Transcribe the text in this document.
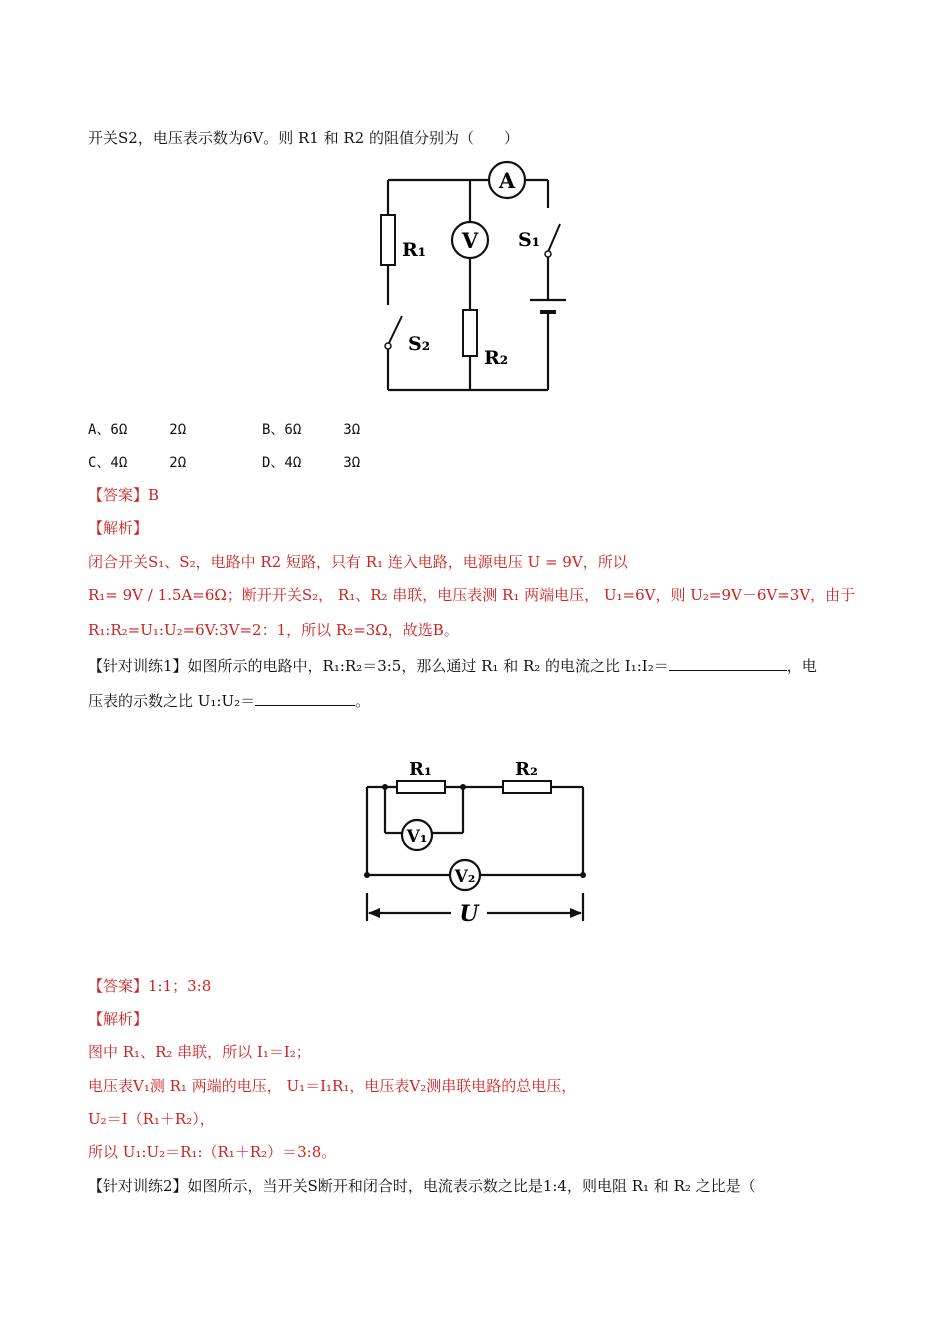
开关S2，电压表示数为6V。则 R1 和 R2 的阻值分别为（　　）
A
V
R₁
R₂
S₁
S₂
A、6Ω　　　2Ω	B、6Ω　　　3Ω
C、4Ω　　　2Ω	D、4Ω　　　3Ω
【答案】B
【解析】
闭合开关S₁、S₂，电路中 R2 短路，只有 R₁ 连入电路，电源电压 U = 9V，所以
R₁= 9V / 1.5A=6Ω；断开开关S₂， R₁、R₂ 串联，电压表测 R₁ 两端电压， U₁=6V，则 U₂=9V－6V=3V，由于
R₁:R₂=U₁:U₂=6V:3V=2：1，所以 R₂=3Ω，故选B。
【针对训练1】如图所示的电路中，R₁:R₂＝3:5，那么通过 R₁ 和 R₂ 的电流之比 I₁:I₂＝	，电
压表的示数之比 U₁:U₂＝	。
V₁
V₂
R₁	R₂
U
【答案】1:1；3:8
【解析】
图中 R₁、R₂ 串联，所以 I₁＝I₂；
电压表V₁测 R₁ 两端的电压， U₁＝I₁R₁，电压表V₂测串联电路的总电压，
U₂＝I（R₁＋R₂），
所以 U₁:U₂＝R₁:（R₁＋R₂）＝3:8。
【针对训练2】如图所示，当开关S断开和闭合时，电流表示数之比是1:4，则电阻 R₁ 和 R₂ 之比是（
